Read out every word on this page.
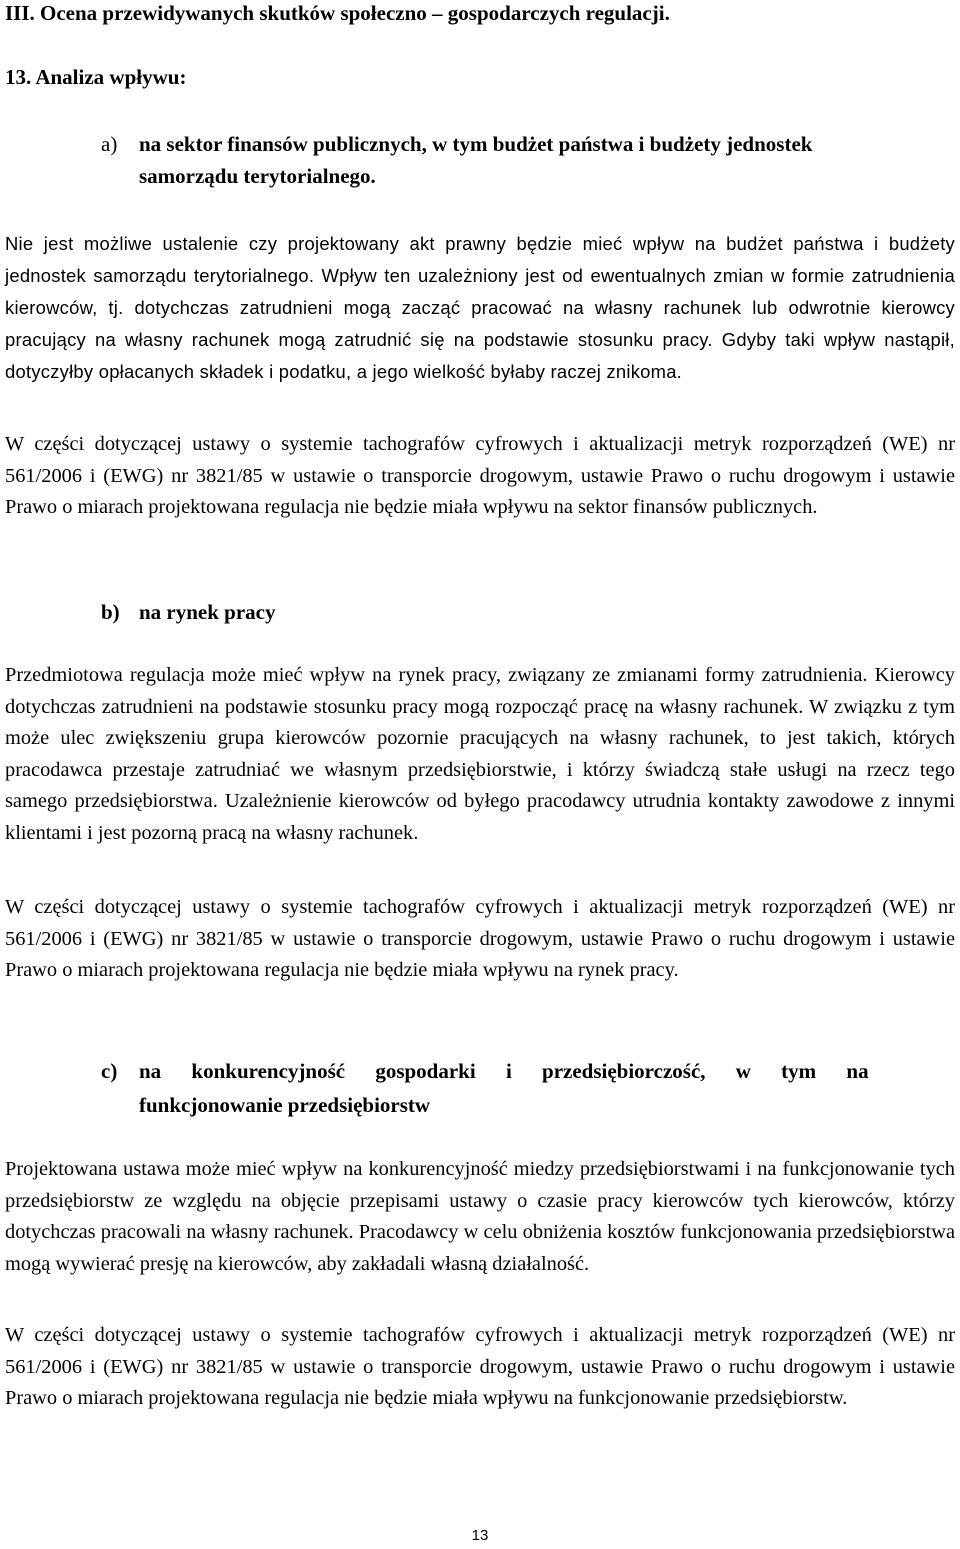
III. Ocena przewidywanych skutków społeczno – gospodarczych regulacji.
13. Analiza wpływu:
a) na sektor finansów publicznych, w tym budżet państwa i budżety jednostek
samorządu terytorialnego.

Nie jest możliwe ustalenie czy projektowany akt prawny będzie mieć wpływ na budżet państwa i budżety jednostek samorządu terytorialnego. Wpływ ten uzależniony jest od ewentualnych zmian w formie zatrudnienia kierowców, tj. dotychczas zatrudnieni mogą zacząć pracować na własny rachunek lub odwrotnie kierowcy pracujący na własny rachunek mogą zatrudnić się na podstawie stosunku pracy. Gdyby taki wpływ nastąpił, dotyczyłby opłacanych składek i podatku, a jego wielkość byłaby raczej znikoma.

W części dotyczącej ustawy o systemie tachografów cyfrowych i aktualizacji metryk rozporządzeń (WE) nr 561/2006 i (EWG) nr 3821/85 w ustawie o transporcie drogowym, ustawie Prawo o ruchu drogowym i ustawie Prawo o miarach projektowana regulacja nie będzie miała wpływu na sektor finansów publicznych.

b) na rynek pracy

Przedmiotowa regulacja może mieć wpływ na rynek pracy, związany ze zmianami formy zatrudnienia. Kierowcy dotychczas zatrudnieni na podstawie stosunku pracy mogą rozpocząć pracę na własny rachunek. W związku z tym może ulec zwiększeniu grupa kierowców pozornie pracujących na własny rachunek, to jest takich, których pracodawca przestaje zatrudniać we własnym przedsiębiorstwie, i którzy świadczą stałe usługi na rzecz tego samego przedsiębiorstwa. Uzależnienie kierowców od byłego pracodawcy utrudnia kontakty zawodowe z innymi klientami i jest pozorną pracą na własny rachunek.

W części dotyczącej ustawy o systemie tachografów cyfrowych i aktualizacji metryk rozporządzeń (WE) nr 561/2006 i (EWG) nr 3821/85 w ustawie o transporcie drogowym, ustawie Prawo o ruchu drogowym i ustawie Prawo o miarach projektowana regulacja nie będzie miała wpływu na rynek pracy.

c) na konkurencyjność gospodarki i przedsiębiorczość, w tym na
funkcjonowanie przedsiębiorstw

Projektowana ustawa może mieć wpływ na konkurencyjność miedzy przedsiębiorstwami i na funkcjonowanie tych przedsiębiorstw ze względu na objęcie przepisami ustawy o czasie pracy kierowców tych kierowców, którzy dotychczas pracowali na własny rachunek. Pracodawcy w celu obniżenia kosztów funkcjonowania przedsiębiorstwa mogą wywierać presję na kierowców, aby zakładali własną działalność.

W części dotyczącej ustawy o systemie tachografów cyfrowych i aktualizacji metryk rozporządzeń (WE) nr 561/2006 i (EWG) nr 3821/85 w ustawie o transporcie drogowym, ustawie Prawo o ruchu drogowym i ustawie Prawo o miarach projektowana regulacja nie będzie miała wpływu na funkcjonowanie przedsiębiorstw.

13
